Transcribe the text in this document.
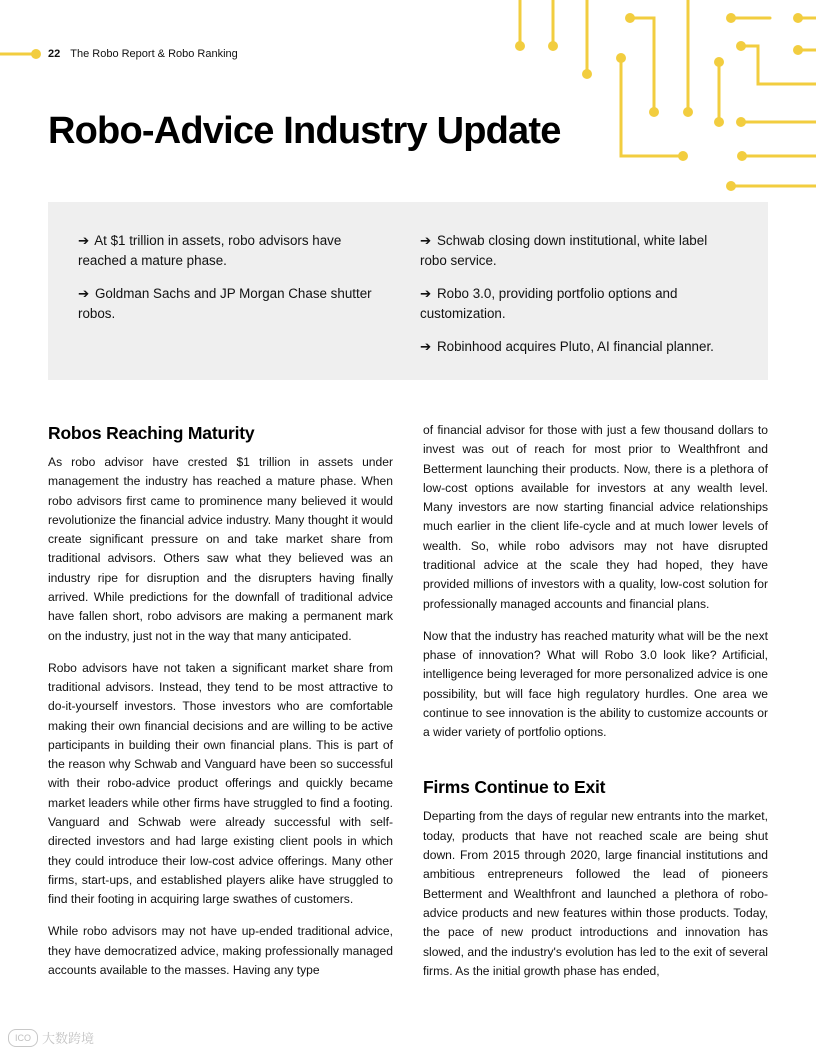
22 The Robo Report & Robo Ranking
Robo-Advice Industry Update
➔ At $1 trillion in assets, robo advisors have reached a mature phase.
➔ Goldman Sachs and JP Morgan Chase shutter robos.
➔ Schwab closing down institutional, white label robo service.
➔ Robo 3.0, providing portfolio options and customization.
➔ Robinhood acquires Pluto, AI financial planner.
Robos Reaching Maturity

As robo advisor have crested $1 trillion in assets under management the industry has reached a mature phase. When robo advisors first came to prominence many believed it would revolutionize the financial advice industry. Many thought it would create significant pressure on and take market share from traditional advisors. Others saw what they believed was an industry ripe for disruption and the disrupters having finally arrived. While predictions for the downfall of traditional advice have fallen short, robo advisors are making a permanent mark on the industry, just not in the way that many anticipated.

Robo advisors have not taken a significant market share from traditional advisors. Instead, they tend to be most attractive to do-it-yourself investors. Those investors who are comfortable making their own financial decisions and are willing to be active participants in building their own financial plans. This is part of the reason why Schwab and Vanguard have been so successful with their robo-advice product offerings and quickly became market leaders while other firms have struggled to find a footing. Vanguard and Schwab were already successful with self-directed investors and had large existing client pools in which they could introduce their low-cost advice offerings. Many other firms, start-ups, and established players alike have struggled to find their footing in acquiring large swathes of customers.

While robo advisors may not have up-ended traditional advice, they have democratized advice, making professionally managed accounts available to the masses. Having any type

of financial advisor for those with just a few thousand dollars to invest was out of reach for most prior to Wealthfront and Betterment launching their products. Now, there is a plethora of low-cost options available for investors at any wealth level. Many investors are now starting financial advice relationships much earlier in the client life-cycle and at much lower levels of wealth. So, while robo advisors may not have disrupted traditional advice at the scale they had hoped, they have provided millions of investors with a quality, low-cost solution for professionally managed accounts and financial plans.

Now that the industry has reached maturity what will be the next phase of innovation? What will Robo 3.0 look like? Artificial, intelligence being leveraged for more personalized advice is one possibility, but will face high regulatory hurdles. One area we continue to see innovation is the ability to customize accounts or a wider variety of portfolio options.

Firms Continue to Exit

Departing from the days of regular new entrants into the market, today, products that have not reached scale are being shut down. From 2015 through 2020, large financial institutions and ambitious entrepreneurs followed the lead of pioneers Betterment and Wealthfront and launched a plethora of robo-advice products and new features within those products. Today, the pace of new product introductions and innovation has slowed, and the industry's evolution has led to the exit of several firms. As the initial growth phase has ended,

ICO 大数跨境
